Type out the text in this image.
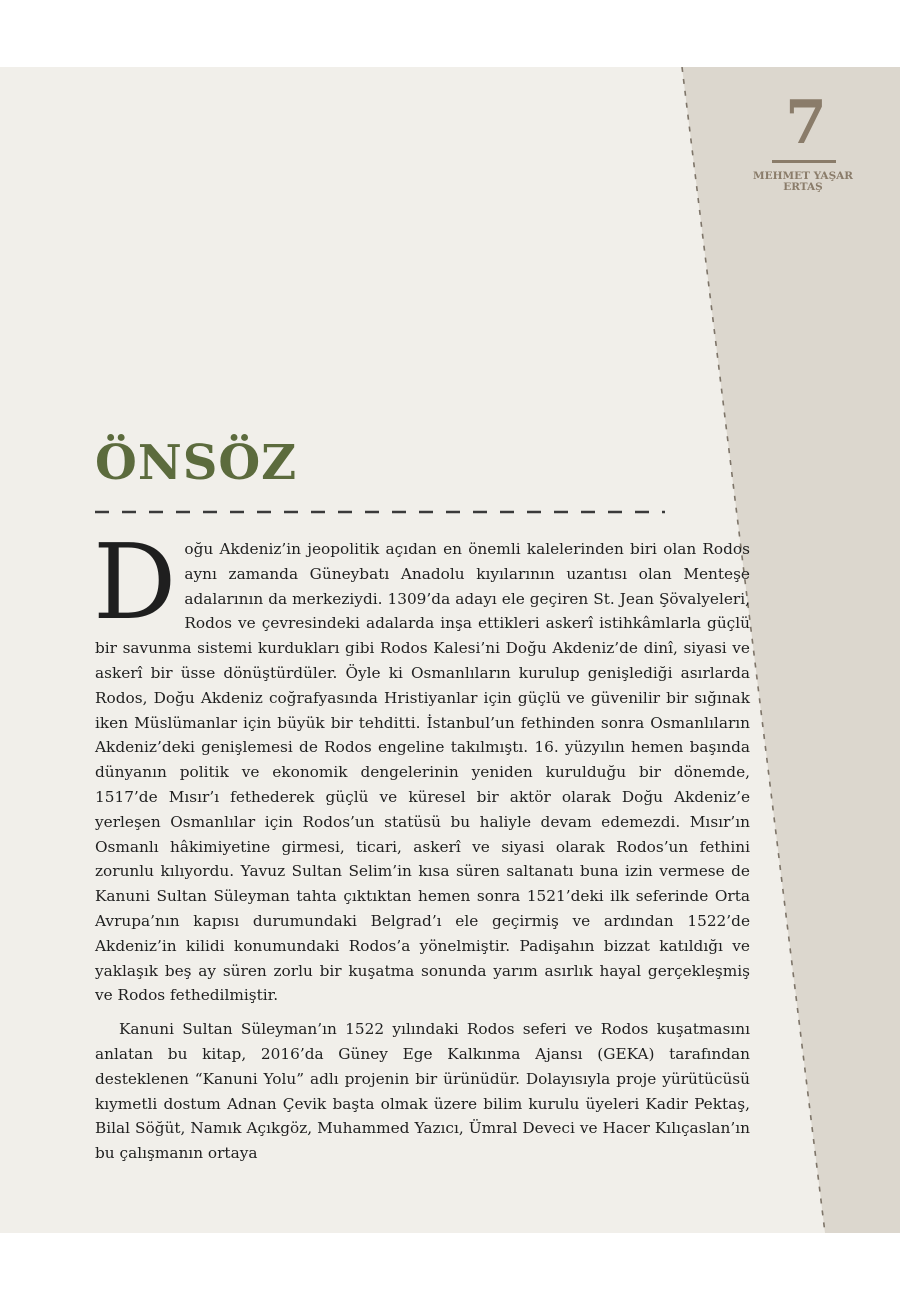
7
MEHMET YAŞAR
ERTAŞ
ÖNSÖZ

Doğu Akdeniz’in jeopolitik açıdan en önemli kalelerinden biri olan Rodos aynı zamanda Güneybatı Anadolu kıyılarının uzantısı olan Menteşe adalarının da merkeziydi. 1309’da adayı ele geçiren St. Jean Şövalyeleri, Rodos ve çevresindeki adalarda inşa ettikleri askerî istihkâmlarla güçlü bir savunma sistemi kurdukları gibi Rodos Kalesi’ni Doğu Akdeniz’de dinî, siyasi ve askerî bir üsse dönüştürdüler. Öyle ki Osmanlıların kurulup genişlediği asırlarda Rodos, Doğu Akdeniz coğrafyasında Hristiyanlar için güçlü ve güvenilir bir sığınak iken Müslümanlar için büyük bir tehditti. İstanbul’un fethinden sonra Osmanlıların Akdeniz’deki genişlemesi de Rodos engeline takılmıştı. 16. yüzyılın hemen başında dünyanın politik ve ekonomik dengelerinin yeniden kurulduğu bir dönemde, 1517’de Mısır’ı fethederek güçlü ve küresel bir aktör olarak Doğu Akdeniz’e yerleşen Osmanlılar için Rodos’un statüsü bu haliyle devam edemezdi. Mısır’ın Osmanlı hâkimiyetine girmesi, ticari, askerî ve siyasi olarak Rodos’un fethini zorunlu kılıyordu. Yavuz Sultan Selim’in kısa süren saltanatı buna izin vermese de Kanuni Sultan Süleyman tahta çıktıktan hemen sonra 1521’deki ilk seferinde Orta Avrupa’nın kapısı durumundaki Belgrad’ı ele geçirmiş ve ardından 1522’de Akdeniz’in kilidi konumundaki Rodos’a yönelmiştir. Padişahın bizzat katıldığı ve yaklaşık beş ay süren zorlu bir kuşatma sonunda yarım asırlık hayal gerçekleşmiş ve Rodos fethedilmiştir.

Kanuni Sultan Süleyman’ın 1522 yılındaki Rodos seferi ve Rodos kuşatmasını anlatan bu kitap, 2016’da Güney Ege Kalkınma Ajansı (GEKA) tarafından desteklenen “Kanuni Yolu” adlı projenin bir ürünüdür. Dolayısıyla proje yürütücüsü kıymetli dostum Adnan Çevik başta olmak üzere bilim kurulu üyeleri Kadir Pektaş, Bilal Söğüt, Namık Açıkgöz, Muhammed Yazıcı, Ümral Deveci ve Hacer Kılıçaslan’ın bu çalışmanın ortaya
